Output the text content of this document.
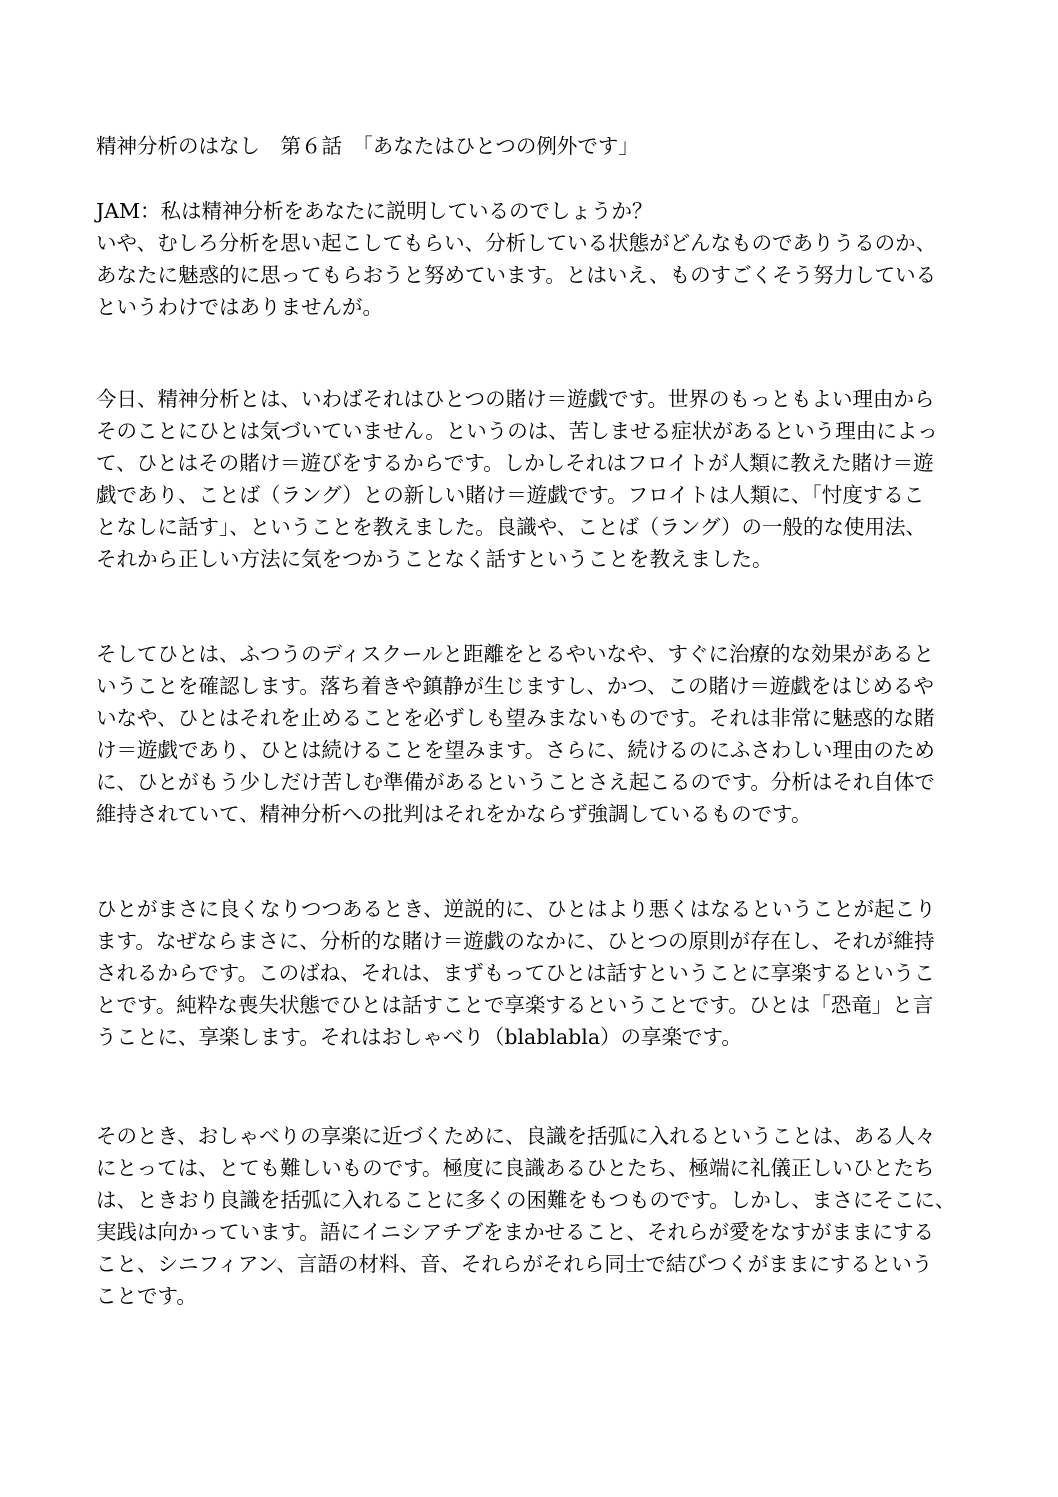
精神分析のはなし　第６話　「あなたはひとつの例外です」
JAM：私は精神分析をあなたに説明しているのでしょうか？
いや、むしろ分析を思い起こしてもらい、分析している状態がどんなものでありうるのか、
あなたに魅惑的に思ってもらおうと努めています。とはいえ、ものすごくそう努力している
というわけではありませんが。
今日、精神分析とは、いわばそれはひとつの賭け＝遊戯です。世界のもっともよい理由から
そのことにひとは気づいていません。というのは、苦しませる症状があるという理由によっ
て、ひとはその賭け＝遊びをするからです。しかしそれはフロイトが人類に教えた賭け＝遊
戯であり、ことば（ラング）との新しい賭け＝遊戯です。フロイトは人類に、「忖度するこ
となしに話す」、ということを教えました。良識や、ことば（ラング）の一般的な使用法、
それから正しい方法に気をつかうことなく話すということを教えました。
そしてひとは、ふつうのディスクールと距離をとるやいなや、すぐに治療的な効果があると
いうことを確認します。落ち着きや鎮静が生じますし、かつ、この賭け＝遊戯をはじめるや
いなや、ひとはそれを止めることを必ずしも望みまないものです。それは非常に魅惑的な賭
け＝遊戯であり、ひとは続けることを望みます。さらに、続けるのにふさわしい理由のため
に、ひとがもう少しだけ苦しむ準備があるということさえ起こるのです。分析はそれ自体で
維持されていて、精神分析への批判はそれをかならず強調しているものです。
ひとがまさに良くなりつつあるとき、逆説的に、ひとはより悪くはなるということが起こり
ます。なぜならまさに、分析的な賭け＝遊戯のなかに、ひとつの原則が存在し、それが維持
されるからです。このばね、それは、まずもってひとは話すということに享楽するというこ
とです。純粋な喪失状態でひとは話すことで享楽するということです。ひとは「恐竜」と言
うことに、享楽します。それはおしゃべり（blablabla）の享楽です。
そのとき、おしゃべりの享楽に近づくために、良識を括弧に入れるということは、ある人々
にとっては、とても難しいものです。極度に良識あるひとたち、極端に礼儀正しいひとたち
は、ときおり良識を括弧に入れることに多くの困難をもつものです。しかし、まさにそこに、
実践は向かっています。語にイニシアチブをまかせること、それらが愛をなすがままにする
こと、シニフィアン、言語の材料、音、それらがそれら同士で結びつくがままにするという
ことです。
